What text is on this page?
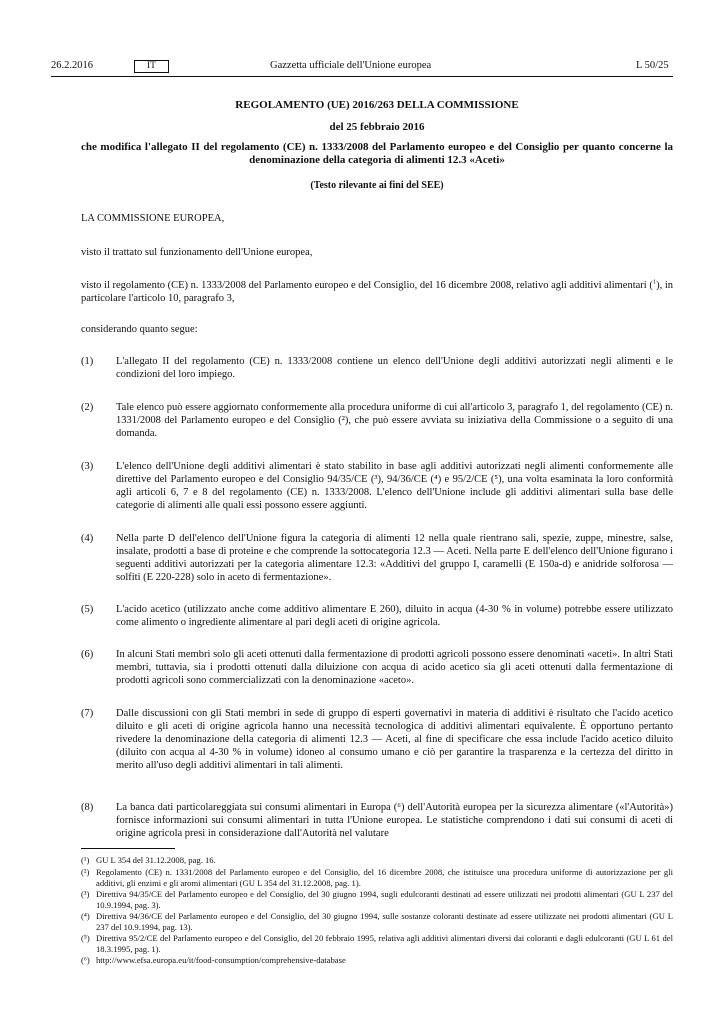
26.2.2016	IT	Gazzetta ufficiale dell'Unione europea	L 50/25
REGOLAMENTO (UE) 2016/263 DELLA COMMISSIONE
del 25 febbraio 2016
che modifica l'allegato II del regolamento (CE) n. 1333/2008 del Parlamento europeo e del Consiglio per quanto concerne la denominazione della categoria di alimenti 12.3 «Aceti»
(Testo rilevante ai fini del SEE)
LA COMMISSIONE EUROPEA,
visto il trattato sul funzionamento dell'Unione europea,
visto il regolamento (CE) n. 1333/2008 del Parlamento europeo e del Consiglio, del 16 dicembre 2008, relativo agli additivi alimentari ($^1$), in particolare l'articolo 10, paragrafo 3,
considerando quanto segue:
(1) L'allegato II del regolamento (CE) n. 1333/2008 contiene un elenco dell'Unione degli additivi autorizzati negli alimenti e le condizioni del loro impiego.
(2) Tale elenco può essere aggiornato conformemente alla procedura uniforme di cui all'articolo 3, paragrafo 1, del regolamento (CE) n. 1331/2008 del Parlamento europeo e del Consiglio (²), che può essere avviata su iniziativa della Commissione o a seguito di una domanda.
(3) L'elenco dell'Unione degli additivi alimentari è stato stabilito in base agli additivi autorizzati negli alimenti conformemente alle direttive del Parlamento europeo e del Consiglio 94/35/CE (³), 94/36/CE (⁴) e 95/2/CE (⁵), una volta esaminata la loro conformità agli articoli 6, 7 e 8 del regolamento (CE) n. 1333/2008. L'elenco dell'Unione include gli additivi alimentari sulla base delle categorie di alimenti alle quali essi possono essere aggiunti.
(4) Nella parte D dell'elenco dell'Unione figura la categoria di alimenti 12 nella quale rientrano sali, spezie, zuppe, minestre, salse, insalate, prodotti a base di proteine e che comprende la sottocategoria 12.3 — Aceti. Nella parte E dell'elenco dell'Unione figurano i seguenti additivi autorizzati per la categoria alimentare 12.3: «Additivi del gruppo I, caramelli (E 150a-d) e anidride solforosa — solfiti (E 220-228) solo in aceto di fermentazione».
(5) L'acido acetico (utilizzato anche come additivo alimentare E 260), diluito in acqua (4-30 % in volume) potrebbe essere utilizzato come alimento o ingrediente alimentare al pari degli aceti di origine agricola.
(6) In alcuni Stati membri solo gli aceti ottenuti dalla fermentazione di prodotti agricoli possono essere denominati «aceti». In altri Stati membri, tuttavia, sia i prodotti ottenuti dalla diluizione con acqua di acido acetico sia gli aceti ottenuti dalla fermentazione di prodotti agricoli sono commercializzati con la denominazione «aceto».
(7) Dalle discussioni con gli Stati membri in sede di gruppo di esperti governativi in materia di additivi è risultato che l'acido acetico diluito e gli aceti di origine agricola hanno una necessità tecnologica di additivi alimentari equivalente. È opportuno pertanto rivedere la denominazione della categoria di alimenti 12.3 — Aceti, al fine di specificare che essa include l'acido acetico diluito (diluito con acqua al 4-30 % in volume) idoneo al consumo umano e ciò per garantire la trasparenza e la certezza del diritto in merito all'uso degli additivi alimentari in tali alimenti.
(8) La banca dati particolareggiata sui consumi alimentari in Europa (⁶) dell'Autorità europea per la sicurezza alimentare («l'Autorità») fornisce informazioni sui consumi alimentari in tutta l'Unione europea. Le statistiche comprendono i dati sui consumi di aceti di origine agricola presi in considerazione dall'Autorità nel valutare
(¹) GU L 354 del 31.12.2008, pag. 16.
(²) Regolamento (CE) n. 1331/2008 del Parlamento europeo e del Consiglio, del 16 dicembre 2008, che istituisce una procedura uniforme di autorizzazione per gli additivi, gli enzimi e gli aromi alimentari (GU L 354 del 31.12.2008, pag. 1).
(³) Direttiva 94/35/CE del Parlamento europeo e del Consiglio, del 30 giugno 1994, sugli edulcoranti destinati ad essere utilizzati nei prodotti alimentari (GU L 237 del 10.9.1994, pag. 3).
(⁴) Direttiva 94/36/CE del Parlamento europeo e del Consiglio, del 30 giugno 1994, sulle sostanze coloranti destinate ad essere utilizzate nei prodotti alimentari (GU L 237 del 10.9.1994, pag. 13).
(⁵) Direttiva 95/2/CE del Parlamento europeo e del Consiglio, del 20 febbraio 1995, relativa agli additivi alimentari diversi dai coloranti e dagli edulcoranti (GU L 61 del 18.3.1995, pag. 1).
(⁶) http://www.efsa.europa.eu/it/food-consumption/comprehensive-database
